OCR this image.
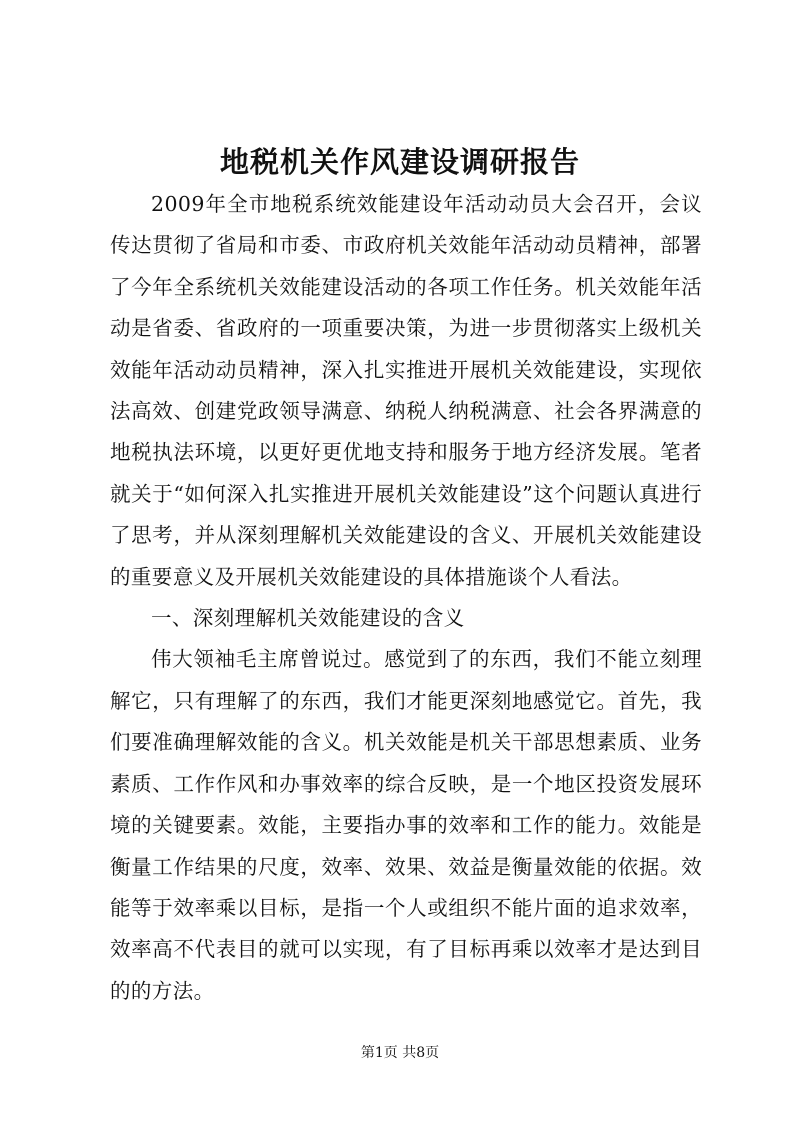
地税机关作风建设调研报告

2009年全市地税系统效能建设年活动动员大会召开，会议传达贯彻了省局和市委、市政府机关效能年活动动员精神，部署了今年全系统机关效能建设活动的各项工作任务。机关效能年活动是省委、省政府的一项重要决策，为进一步贯彻落实上级机关效能年活动动员精神，深入扎实推进开展机关效能建设，实现依法高效、创建党政领导满意、纳税人纳税满意、社会各界满意的地税执法环境，以更好更优地支持和服务于地方经济发展。笔者就关于“如何深入扎实推进开展机关效能建设”这个问题认真进行了思考，并从深刻理解机关效能建设的含义、开展机关效能建设的重要意义及开展机关效能建设的具体措施谈个人看法。

一、深刻理解机关效能建设的含义

伟大领袖毛主席曾说过。感觉到了的东西，我们不能立刻理解它，只有理解了的东西，我们才能更深刻地感觉它。首先，我们要准确理解效能的含义。机关效能是机关干部思想素质、业务素质、工作作风和办事效率的综合反映，是一个地区投资发展环境的关键要素。效能，主要指办事的效率和工作的能力。效能是衡量工作结果的尺度，效率、效果、效益是衡量效能的依据。效能等于效率乘以目标，是指一个人或组织不能片面的追求效率，效率高不代表目的就可以实现，有了目标再乘以效率才是达到目的的方法。

第1页 共8页
